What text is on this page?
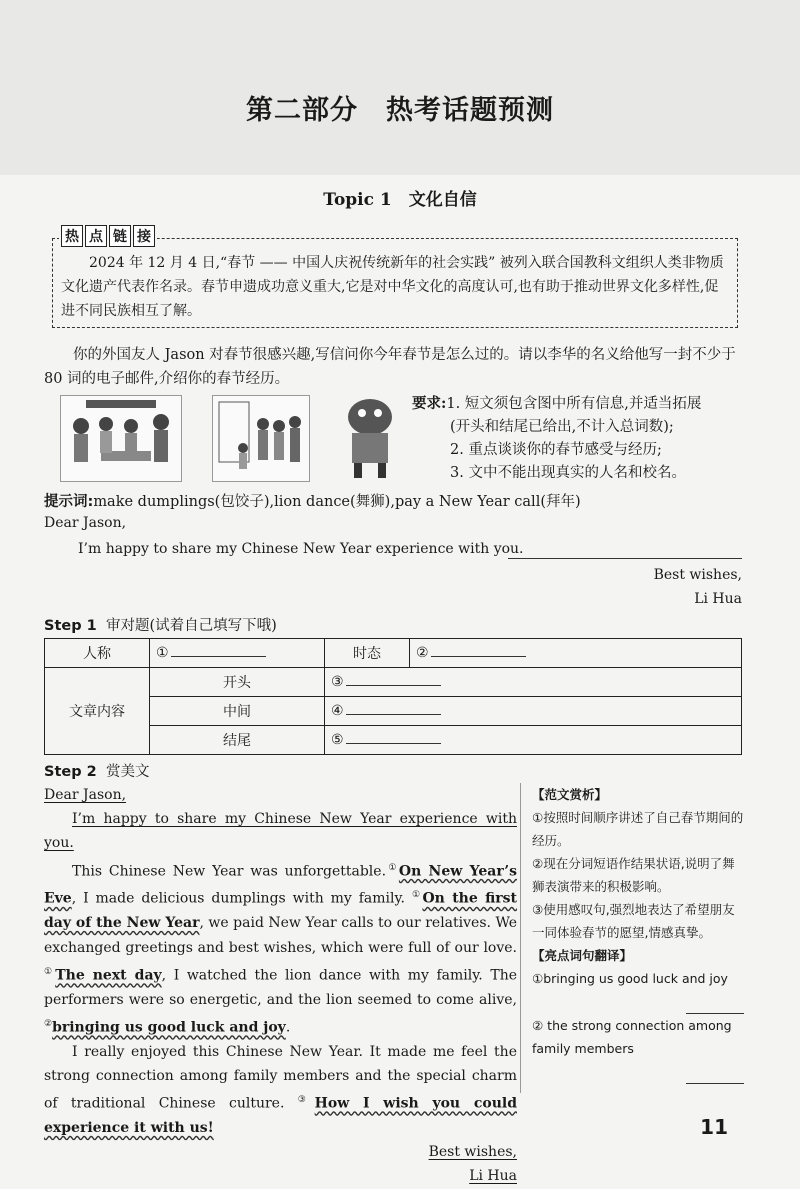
第二部分　热考话题预测
Topic 1　文化自信
热 点 链 接
2024 年 12 月 4 日,“春节 —— 中国人庆祝传统新年的社会实践” 被列入联合国教科文组织人类非物质文化遗产代表作名录。春节申遗成功意义重大,它是对中华文化的高度认可,也有助于推动世界文化多样性,促进不同民族相互了解。
你的外国友人 Jason 对春节很感兴趣,写信问你今年春节是怎么过的。请以李华的名义给他写一封不少于 80 词的电子邮件,介绍你的春节经历。
要求:1. 短文须包含图中所有信息,并适当拓展
(开头和结尾已给出,不计入总词数);
2. 重点谈谈你的春节感受与经历;
3. 文中不能出现真实的人名和校名。
提示词:make dumplings(包饺子),lion dance(舞狮),pay a New Year call(拜年)
Dear Jason,
I’m happy to share my Chinese New Year experience with you.
Best wishes,
Li Hua
Step 1 审对题(试着自己填写下哦)
人称	①	时态	②
文章内容	开头	③	
	中间	④	
	结尾	⑤	
Step 2 赏美文

Dear Jason,

I’m happy to share my Chinese New Year experience with you.

This Chinese New Year was unforgettable.①On New Year’s Eve, I made delicious dumplings with my family. ①On the first day of the New Year, we paid New Year calls to our relatives. We exchanged greetings and best wishes, which were full of our love. ①The next day, I watched the lion dance with my family. The performers were so energetic, and the lion seemed to come alive, ②bringing us good luck and joy.

I really enjoyed this Chinese New Year. It made me feel the strong connection among family members and the special charm of traditional Chinese culture. ③How I wish you could experience it with us!

Best wishes,

Li Hua

【范文赏析】
①按照时间顺序讲述了自己春节期间的经历。
②现在分词短语作结果状语,说明了舞狮表演带来的积极影响。
③使用感叹句,强烈地表达了希望朋友一同体验春节的愿望,情感真挚。
【亮点词句翻译】
①bringing us good luck and joy

② the strong connection among family members

11
